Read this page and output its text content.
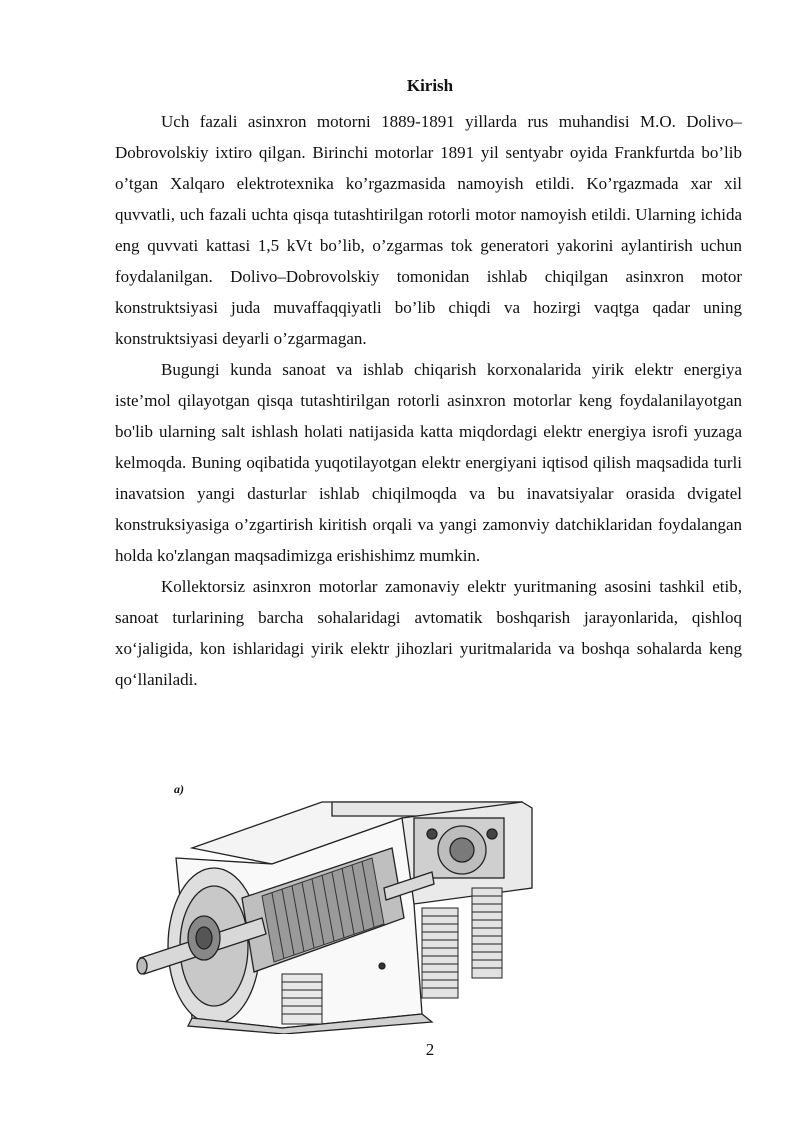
Kirish

Uch fazali asinxron motorni 1889-1891 yillarda rus muhandisi M.O. Dolivo–Dobrovolskiy ixtiro qilgan. Birinchi motorlar 1891 yil sentyabr oyida Frankfurtda bo’lib o’tgan Xalqaro elektrotexnika ko’rgazmasida namoyish etildi. Ko’rgazmada xar xil quvvatli, uch fazali uchta qisqa tutashtirilgan rotorli motor namoyish etildi. Ularning ichida eng quvvati kattasi 1,5 kVt bo’lib, o’zgarmas tok generatori yakorini aylantirish uchun foydalanilgan. Dolivo–Dobrovolskiy tomonidan ishlab chiqilgan asinxron motor konstruktsiyasi juda muvaffaqqiyatli bo’lib chiqdi va hozirgi vaqtga qadar uning konstruktsiyasi deyarli o’zgarmagan.

Bugungi kunda sanoat va ishlab chiqarish korxonalarida yirik elektr energiya iste’mol qilayotgan qisqa tutashtirilgan rotorli asinxron motorlar keng foydalanilayotgan bo'lib ularning salt ishlash holati natijasida katta miqdordagi elektr energiya isrofi yuzaga kelmoqda. Buning oqibatida yuqotilayotgan elektr energiyani iqtisod qilish maqsadida turli inavatsion yangi dasturlar ishlab chiqilmoqda va bu inavatsiyalar orasida dvigatel konstruksiyasiga o’zgartirish kiritish orqali va yangi zamonviy datchiklaridan foydalangan holda ko'zlangan maqsadimizga erishishimz mumkin.

Kollektorsiz asinxron motorlar zamonaviy elektr yuritmaning asosini tashkil etib, sanoat turlarining barcha sohalaridagi avtomatik boshqarish jarayonlarida, qishloq xo‘jaligida, kon ishlaridagi yirik elektr jihozlari yuritmalarida va boshqa sohalarda keng qo‘llaniladi.

a)
2
